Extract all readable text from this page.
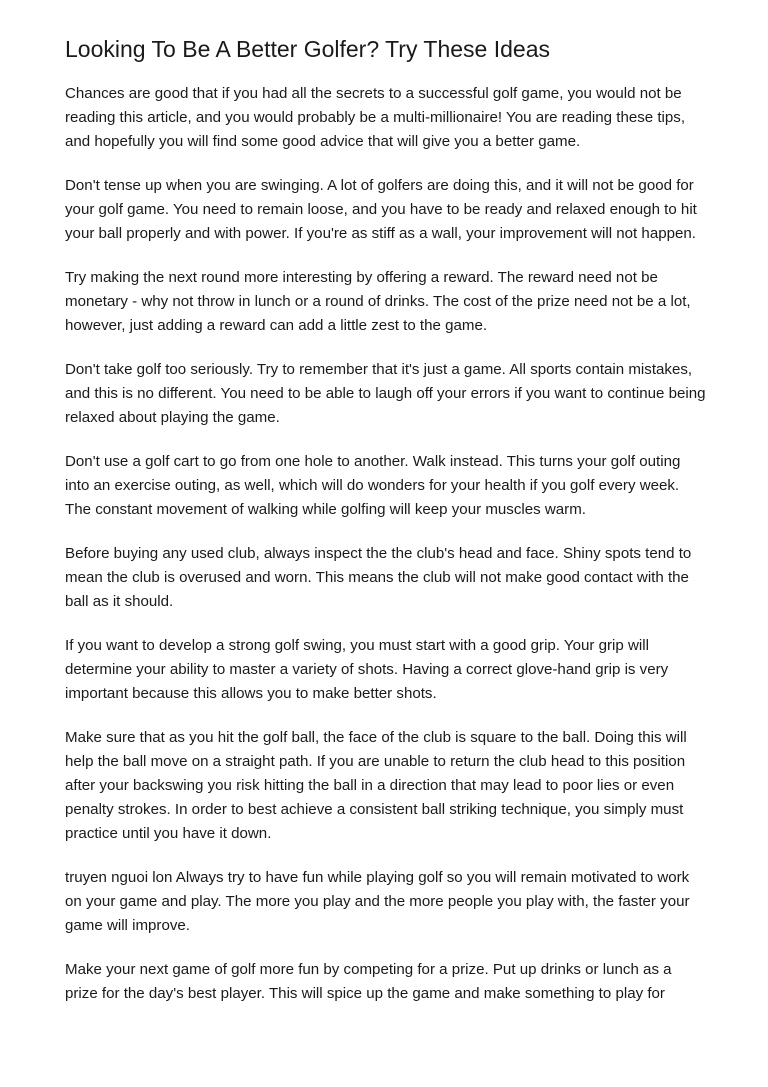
Looking To Be A Better Golfer? Try These Ideas

Chances are good that if you had all the secrets to a successful golf game, you would not be reading this article, and you would probably be a multi-millionaire! You are reading these tips, and hopefully you will find some good advice that will give you a better game.

Don't tense up when you are swinging. A lot of golfers are doing this, and it will not be good for your golf game. You need to remain loose, and you have to be ready and relaxed enough to hit your ball properly and with power. If you're as stiff as a wall, your improvement will not happen.

Try making the next round more interesting by offering a reward. The reward need not be monetary - why not throw in lunch or a round of drinks. The cost of the prize need not be a lot, however, just adding a reward can add a little zest to the game.

Don't take golf too seriously. Try to remember that it's just a game. All sports contain mistakes, and this is no different. You need to be able to laugh off your errors if you want to continue being relaxed about playing the game.

Don't use a golf cart to go from one hole to another. Walk instead. This turns your golf outing into an exercise outing, as well, which will do wonders for your health if you golf every week. The constant movement of walking while golfing will keep your muscles warm.

Before buying any used club, always inspect the the club's head and face. Shiny spots tend to mean the club is overused and worn. This means the club will not make good contact with the ball as it should.

If you want to develop a strong golf swing, you must start with a good grip. Your grip will determine your ability to master a variety of shots. Having a correct glove-hand grip is very important because this allows you to make better shots.

Make sure that as you hit the golf ball, the face of the club is square to the ball. Doing this will help the ball move on a straight path. If you are unable to return the club head to this position after your backswing you risk hitting the ball in a direction that may lead to poor lies or even penalty strokes. In order to best achieve a consistent ball striking technique, you simply must practice until you have it down.

truyen nguoi lon Always try to have fun while playing golf so you will remain motivated to work on your game and play. The more you play and the more people you play with, the faster your game will improve.

Make your next game of golf more fun by competing for a prize. Put up drinks or lunch as a prize for the day's best player. This will spice up the game and make something to play for
